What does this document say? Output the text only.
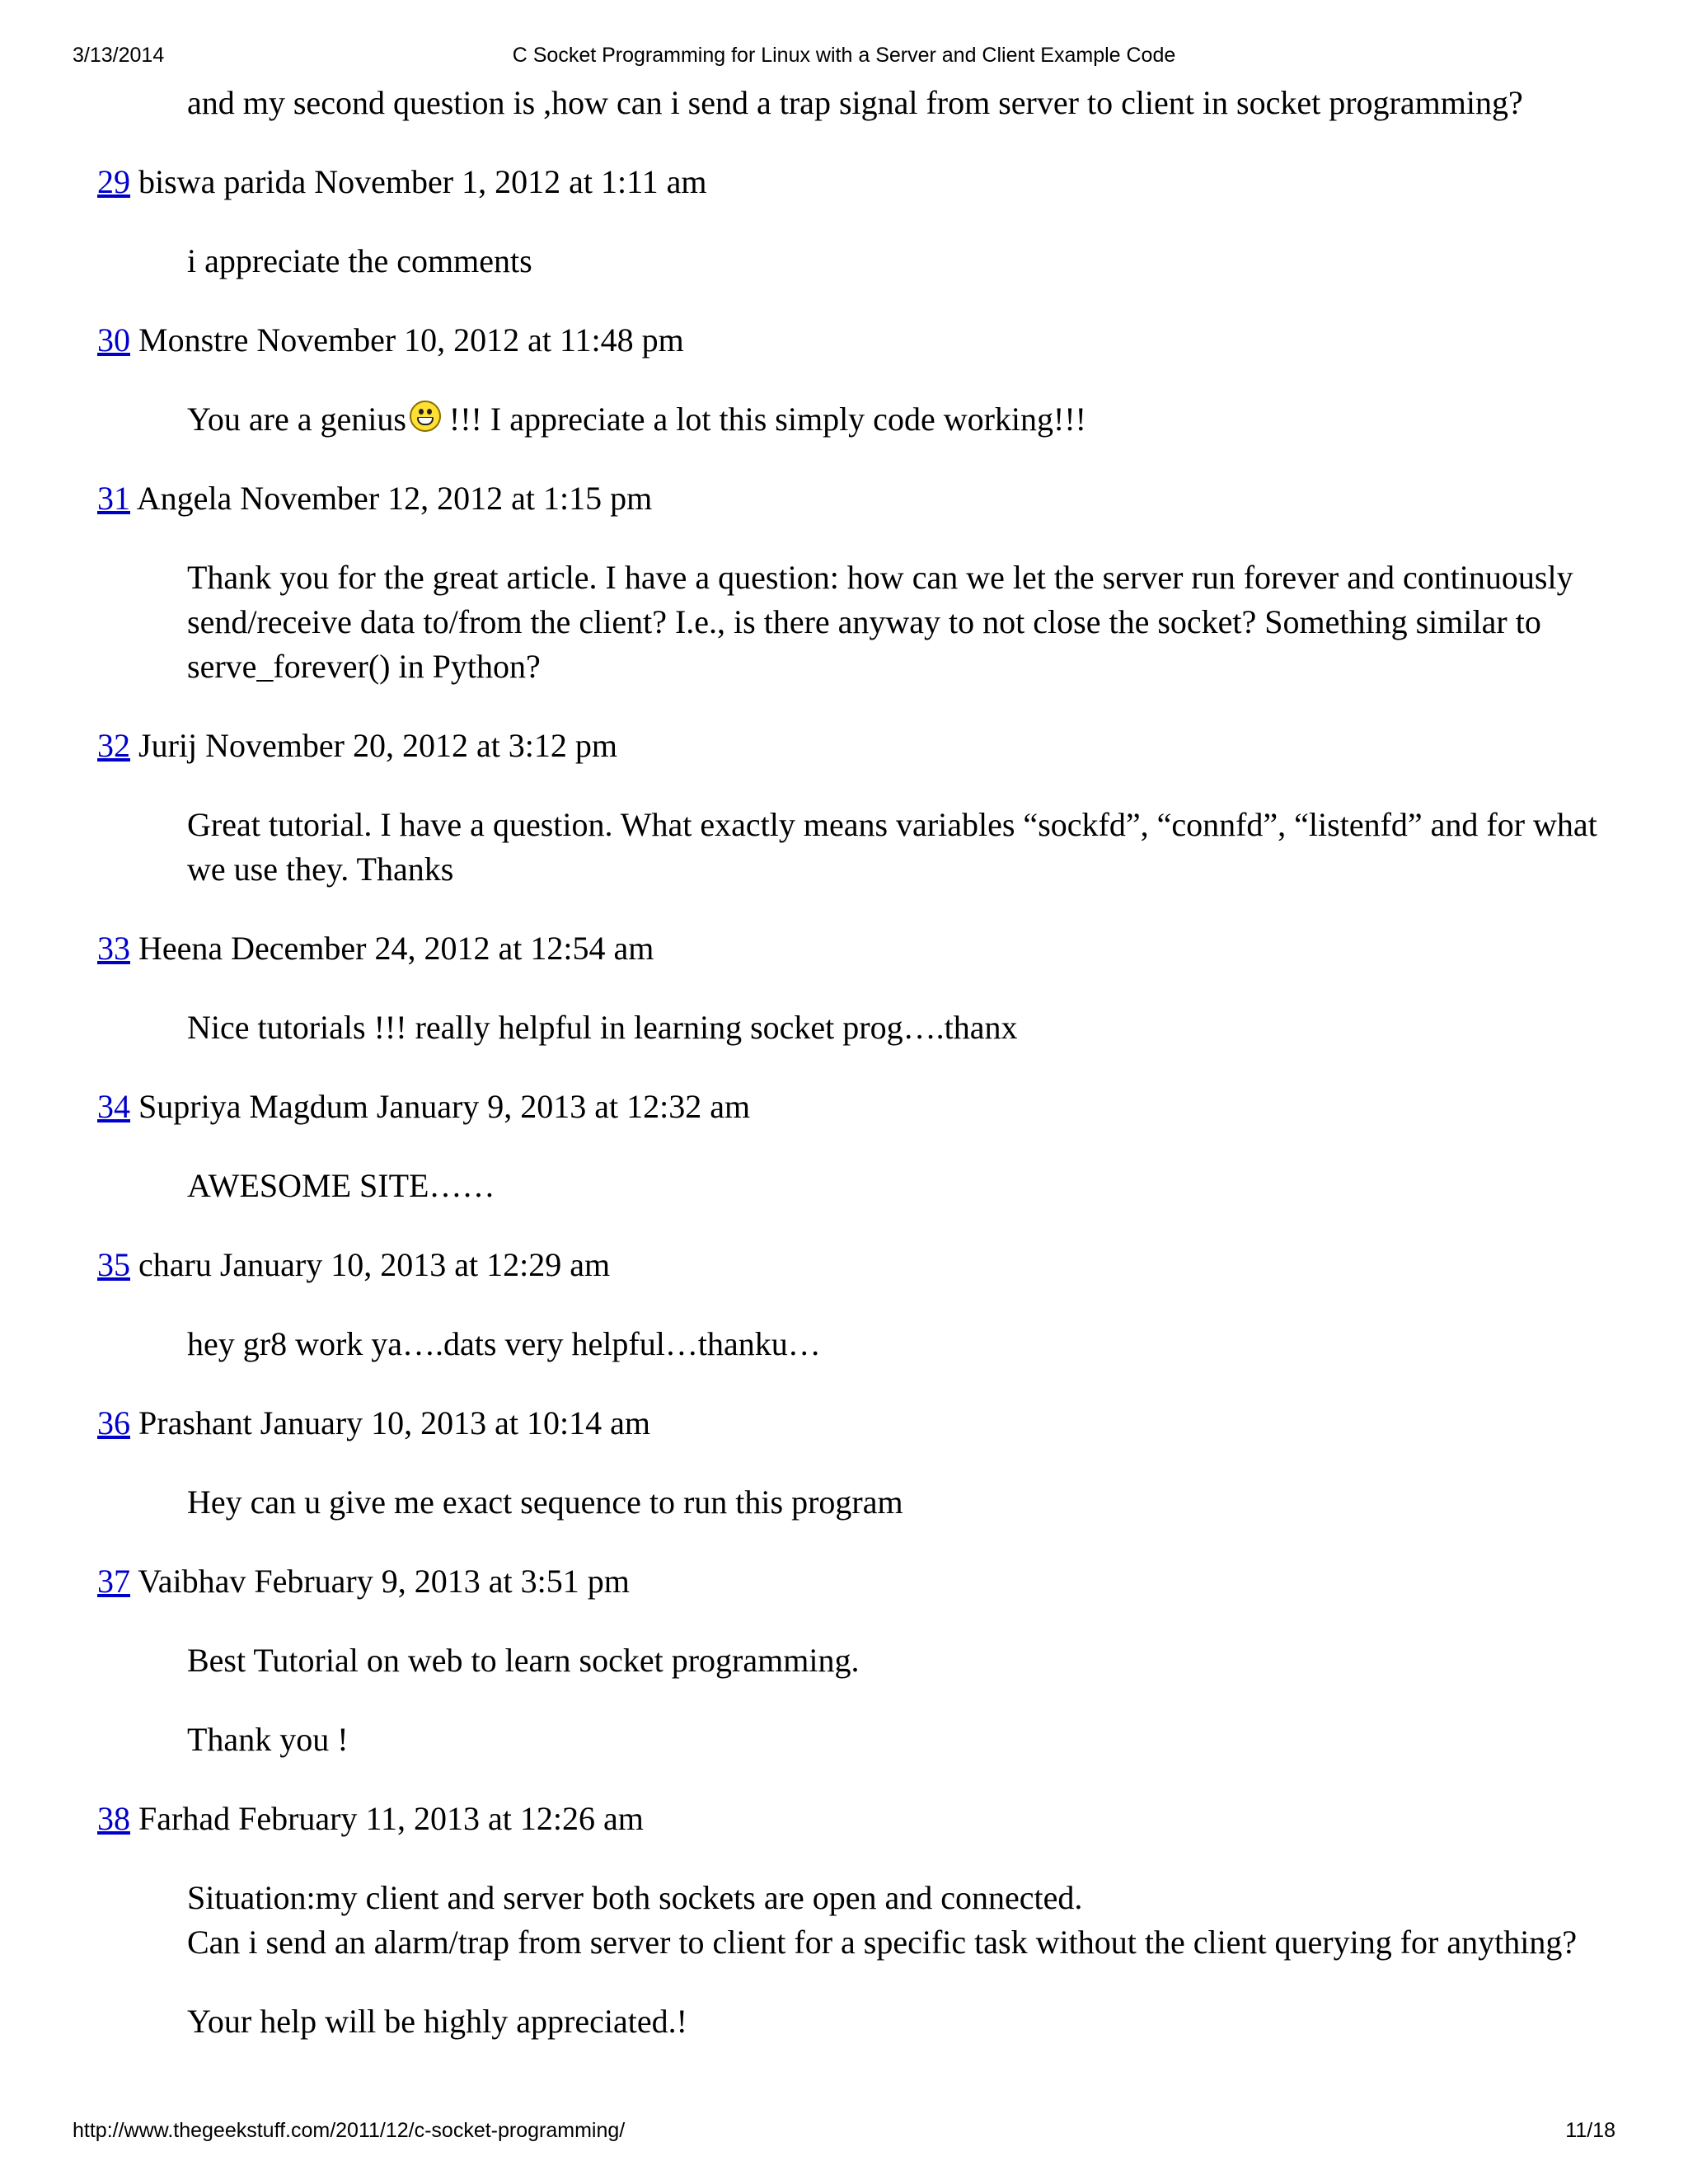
3/13/2014	C Socket Programming for Linux with a Server and Client Example Code
and my second question is ,how can i send a trap signal from server to client in socket programming?
29 biswa parida November 1, 2012 at 1:11 am
i appreciate the comments
30 Monstre November 10, 2012 at 11:48 pm
You are a genius !!! I appreciate a lot this simply code working!!!
31 Angela November 12, 2012 at 1:15 pm
Thank you for the great article. I have a question: how can we let the server run forever and continuously
send/receive data to/from the client? I.e., is there anyway to not close the socket? Something similar to
serve_forever() in Python?
32 Jurij November 20, 2012 at 3:12 pm
Great tutorial. I have a question. What exactly means variables “sockfd”, “connfd”, “listenfd” and for what
we use they. Thanks
33 Heena December 24, 2012 at 12:54 am
Nice tutorials !!! really helpful in learning socket prog….thanx
34 Supriya Magdum January 9, 2013 at 12:32 am
AWESOME SITE……
35 charu January 10, 2013 at 12:29 am
hey gr8 work ya….dats very helpful…thanku…
36 Prashant January 10, 2013 at 10:14 am
Hey can u give me exact sequence to run this program
37 Vaibhav February 9, 2013 at 3:51 pm
Best Tutorial on web to learn socket programming.
Thank you !
38 Farhad February 11, 2013 at 12:26 am
Situation:my client and server both sockets are open and connected.
Can i send an alarm/trap from server to client for a specific task without the client querying for anything?
Your help will be highly appreciated.!
http://www.thegeekstuff.com/2011/12/c-socket-programming/	11/18
